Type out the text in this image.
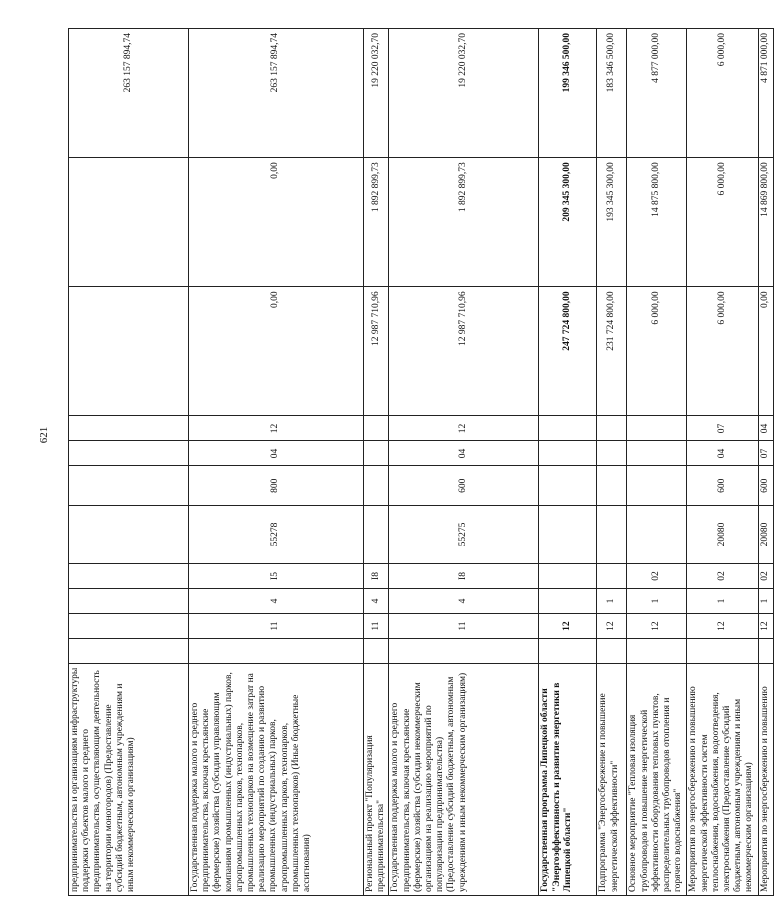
621
предпринимательства и организациям инфраструктуры поддержки субъектов малого и среднего предпринимательства, осуществляющим деятельность на территории моногородов) (Предоставление субсидий бюджетным, автономным учреждениям и иным некоммерческим организациям)											263 157 894,74
Государственная поддержка малого и среднего предпринимательства, включая крестьянские (фермерские) хозяйства (субсидии управляющим компаниям промышленных (индустриальных) парков, агропромышленных парков, технопарков, промышленных технопарков на возмещение затрат на реализацию мероприятий по созданию и развитию промышленных (индустриальных) парков, агропромышленных парков, технопарков, промышленных технопарков) (Иные бюджетные ассигнования)		11	4	I5	55278	800	04	12	0,00	0,00	263 157 894,74
Региональный проект "Популяризация предпринимательства"		11	4	I8					12 987 710,96	1 892 899,73	19 220 032,70
Государственная поддержка малого и среднего предпринимательства, включая крестьянские (фермерские) хозяйства (субсидии некоммерческим организациям на реализацию мероприятий по популяризации предпринимательства) (Предоставление субсидий бюджетным, автономным учреждениям и иным некоммерческим организациям)		11	4	I8	55275	600	04	12	12 987 710,96	1 892 899,73	19 220 032,70
Государственная программа Липецкой области "Энергоэффективность и развитие энергетики в Липецкой области"		12							247 724 800,00	209 345 300,00	199 346 500,00
Подпрограмма "Энергосбережение и повышение энергетической эффективности"		12	1						231 724 800,00	193 345 300,00	183 346 500,00
Основное мероприятие "Тепловая изоляция трубопроводов и повышение энергетической эффективности оборудования тепловых пунктов, распределительных трубопроводов отопления и горячего водоснабжения"		12	1	02					6 000,00	14 875 800,00	4 877 000,00
Мероприятия по энергосбережению и повышению энергетической эффективности систем теплоснабжения, водоснабжения, водоотведения, электроснабжения (Предоставление субсидий бюджетным, автономным учреждениям и иным некоммерческим организациям)		12	1	02	20080	600	04	07	6 000,00	6 000,00	6 000,00
Мероприятия по энергосбережению и повышению		12	1	02	20080	600	07	04	0,00	14 869 800,00	4 871 000,00
